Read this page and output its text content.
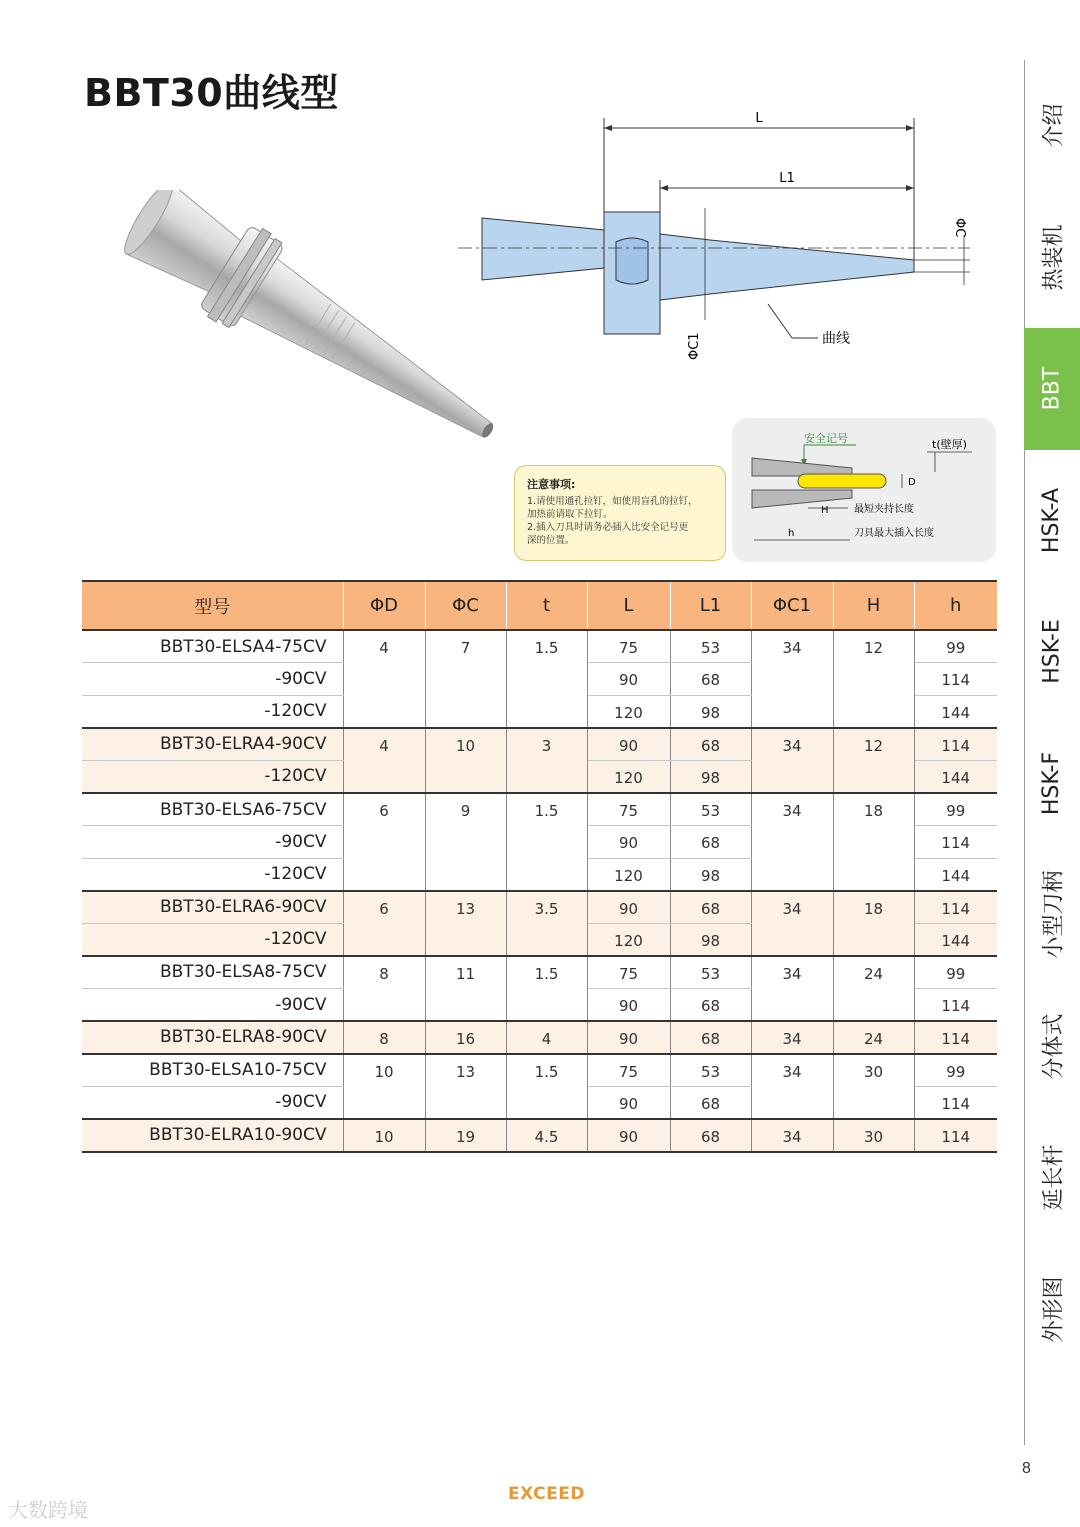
BBT30曲线型
L
L1
ΦC
ΦC1	曲线
注意事项:
1.请使用通孔拉钉，如使用盲孔的拉钉，
加热前请取下拉钉。
2.插入刀具时请务必插入比安全记号更
深的位置。
安全记号	t(壁厚)
D
H	最短夹持长度
h	刀具最大插入长度
型号	ΦD	ΦC	t	L	L1	ΦC1	H	h
BBT30-ELSA4-75CV	4	7	1.5	75	53	34	12	99
-90CV				90	68			114
-120CV				120	98			144
BBT30-ELRA4-90CV	4	10	3	90	68	34	12	114
-120CV				120	98			144
BBT30-ELSA6-75CV	6	9	1.5	75	53	34	18	99
-90CV				90	68			114
-120CV				120	98			144
BBT30-ELRA6-90CV	6	13	3.5	90	68	34	18	114
-120CV				120	98			144
BBT30-ELSA8-75CV	8	11	1.5	75	53	34	24	99
-90CV				90	68			114
BBT30-ELRA8-90CV	8	16	4	90	68	34	24	114
BBT30-ELSA10-75CV	10	13	1.5	75	53	34	30	99
-90CV				90	68			114
BBT30-ELRA10-90CV	10	19	4.5	90	68	34	30	114
介绍
热装机
BBT
HSK-A
HSK-E
HSK-F
小型刀柄
分体式
延长杆
外形图
8
EXCEED
大数跨境
